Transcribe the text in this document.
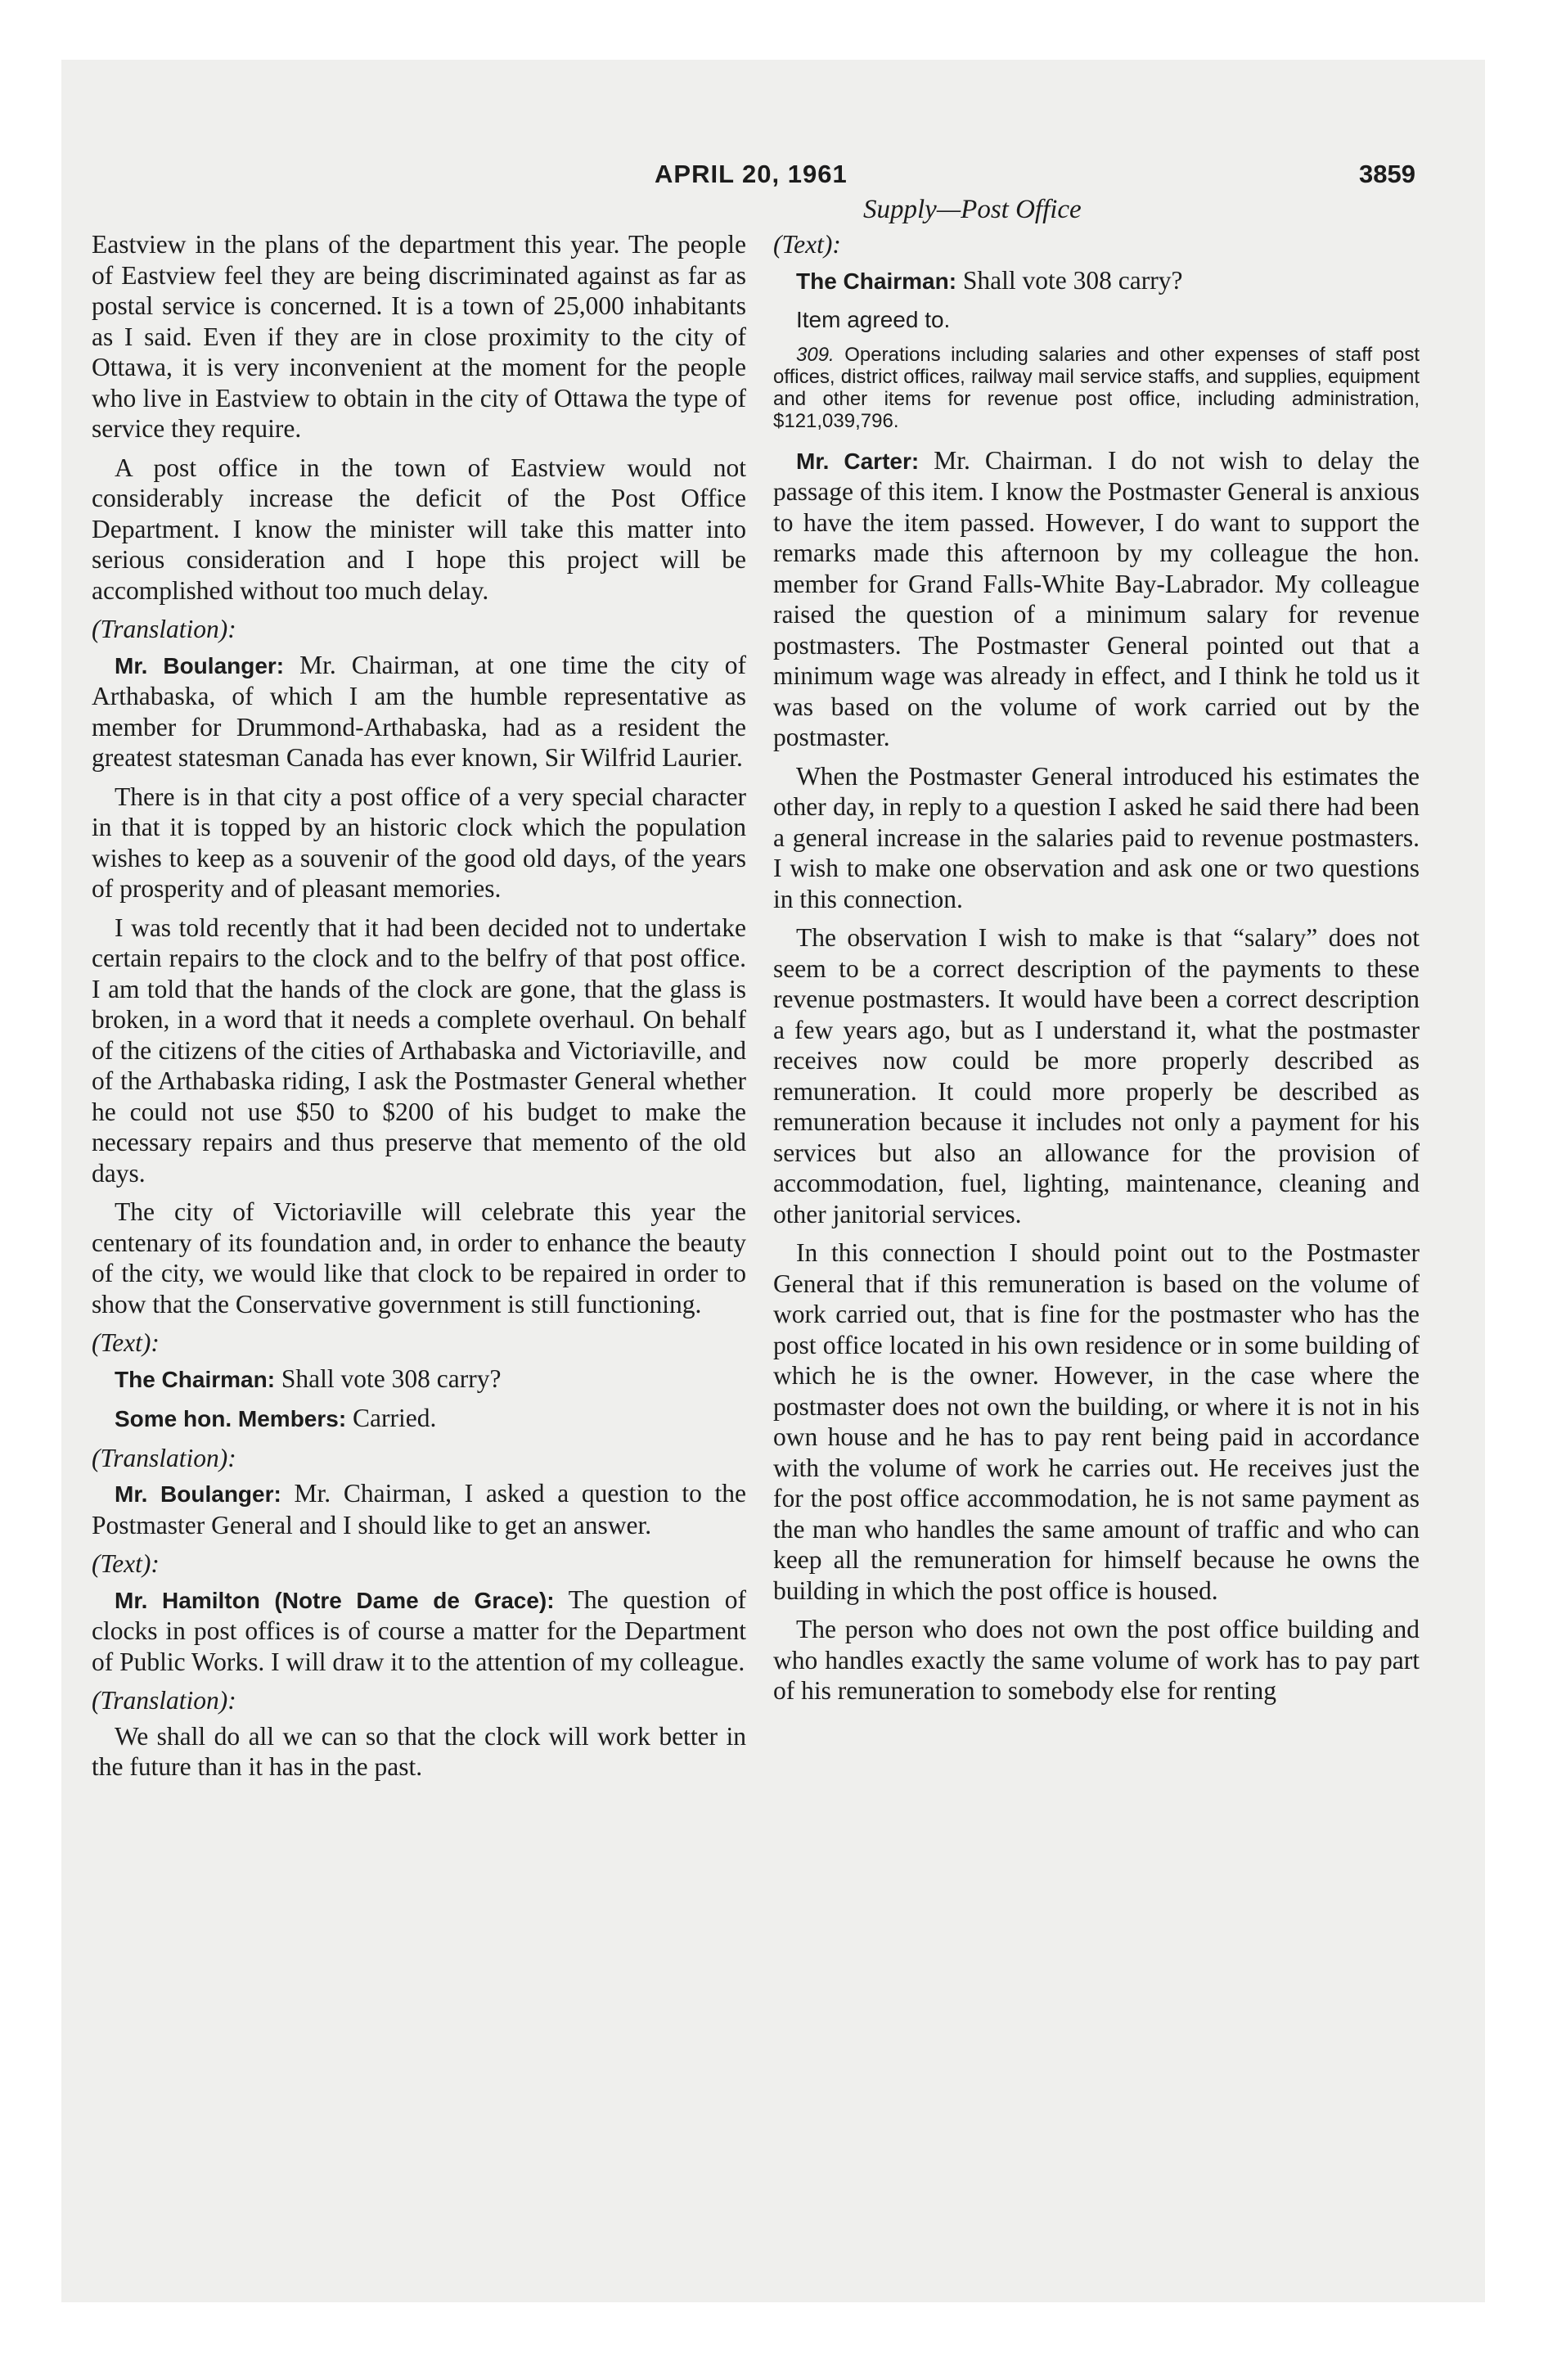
APRIL 20, 1961	3859
Supply—Post Office

Eastview in the plans of the department this year. The people of Eastview feel they are being discriminated against as far as postal service is concerned. It is a town of 25,000 inhabitants as I said. Even if they are in close proximity to the city of Ottawa, it is very inconvenient at the moment for the people who live in Eastview to obtain in the city of Ottawa the type of service they require.

A post office in the town of Eastview would not considerably increase the deficit of the Post Office Department. I know the minister will take this matter into serious consideration and I hope this project will be accomplished without too much delay.

(Translation):

Mr. Boulanger: Mr. Chairman, at one time the city of Arthabaska, of which I am the humble representative as member for Drummond-Arthabaska, had as a resident the greatest statesman Canada has ever known, Sir Wilfrid Laurier.

There is in that city a post office of a very special character in that it is topped by an historic clock which the population wishes to keep as a souvenir of the good old days, of the years of prosperity and of pleasant memories.

I was told recently that it had been decided not to undertake certain repairs to the clock and to the belfry of that post office. I am told that the hands of the clock are gone, that the glass is broken, in a word that it needs a complete overhaul. On behalf of the citizens of the cities of Arthabaska and Victoriaville, and of the Arthabaska riding, I ask the Postmaster General whether he could not use $50 to $200 of his budget to make the necessary repairs and thus preserve that memento of the old days.

The city of Victoriaville will celebrate this year the centenary of its foundation and, in order to enhance the beauty of the city, we would like that clock to be repaired in order to show that the Conservative government is still functioning.

(Text):

The Chairman: Shall vote 308 carry?

Some hon. Members: Carried.

(Translation):

Mr. Boulanger: Mr. Chairman, I asked a question to the Postmaster General and I should like to get an answer.

(Text):

Mr. Hamilton (Notre Dame de Grace): The question of clocks in post offices is of course a matter for the Department of Public Works. I will draw it to the attention of my colleague.

(Translation):

We shall do all we can so that the clock will work better in the future than it has in the past.

(Text):

The Chairman: Shall vote 308 carry?

Item agreed to.

309. Operations including salaries and other expenses of staff post offices, district offices, railway mail service staffs, and supplies, equipment and other items for revenue post office, including administration, $121,039,796.

Mr. Carter: Mr. Chairman. I do not wish to delay the passage of this item. I know the Postmaster General is anxious to have the item passed. However, I do want to support the remarks made this afternoon by my colleague the hon. member for Grand Falls-White Bay-Labrador. My colleague raised the question of a minimum salary for revenue postmasters. The Postmaster General pointed out that a minimum wage was already in effect, and I think he told us it was based on the volume of work carried out by the postmaster.

When the Postmaster General introduced his estimates the other day, in reply to a question I asked he said there had been a general increase in the salaries paid to revenue postmasters. I wish to make one observation and ask one or two questions in this connection.

The observation I wish to make is that “salary” does not seem to be a correct description of the payments to these revenue postmasters. It would have been a correct description a few years ago, but as I understand it, what the postmaster receives now could be more properly described as remuneration. It could more properly be described as remuneration because it includes not only a payment for his services but also an allowance for the provision of accommodation, fuel, lighting, maintenance, cleaning and other janitorial services.

In this connection I should point out to the Postmaster General that if this remuneration is based on the volume of work carried out, that is fine for the postmaster who has the post office located in his own residence or in some building of which he is the owner. However, in the case where the postmaster does not own the building, or where it is not in his own house and he has to pay rent being paid in accordance with the volume of work he carries out. He receives just the for the post office accommodation, he is not same payment as the man who handles the same amount of traffic and who can keep all the remuneration for himself because he owns the building in which the post office is housed.

The person who does not own the post office building and who handles exactly the same volume of work has to pay part of his remuneration to somebody else for renting
